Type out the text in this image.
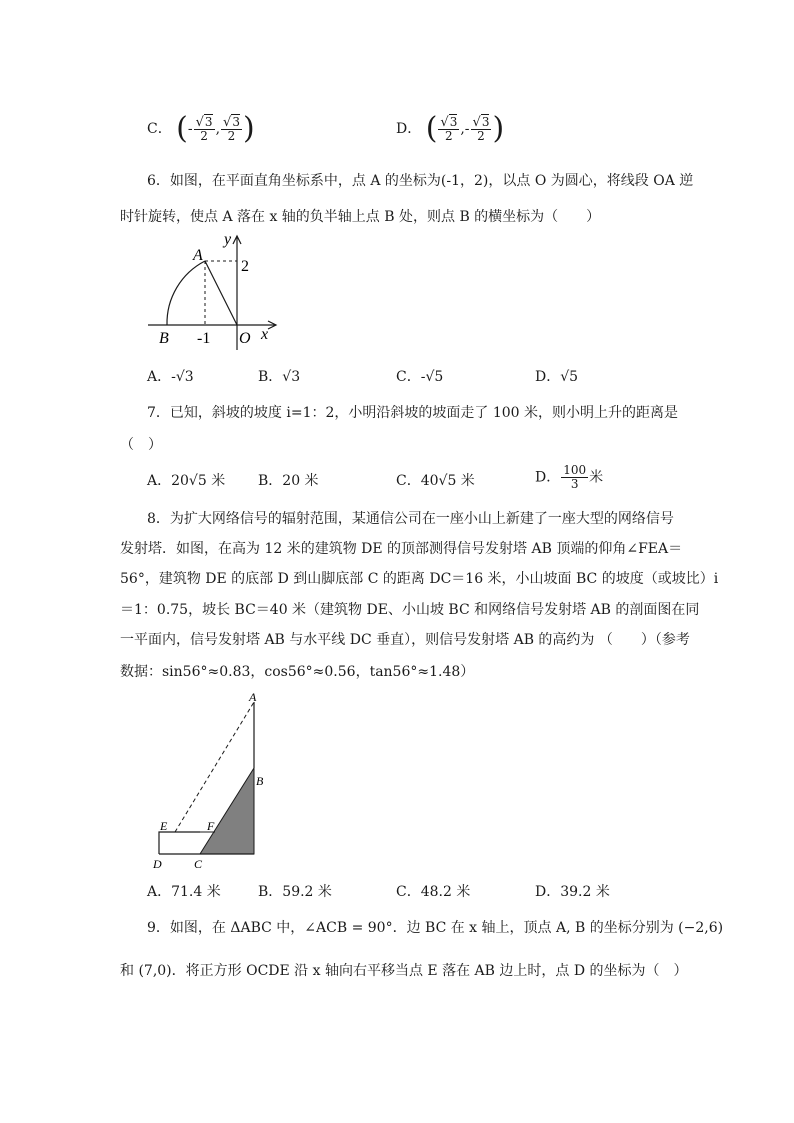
C． (- $\frac{√3}{2}$ , $\frac{√3}{2}$ )	D． ( $\frac{√3}{2}$ ,- $\frac{√3}{2}$ )
6．如图，在平面直角坐标系中，点 A 的坐标为(-1，2)，以点 O 为圆心，将线段 OA 逆
时针旋转，使点 A 落在 x 轴的负半轴上点 B 处，则点 B 的横坐标为（　　）
A
y
2
B -1 O x
A．-√3	B．√3	C．-√5	D．√5
7．已知，斜坡的坡度 i=1：2，小明沿斜坡的坡面走了 100 米，则小明上升的距离是
（　）
A．20√5 米 B．20 米	C．40√5 米	D． $\frac{100}{3}$ 米
8．为扩大网络信号的辐射范围，某通信公司在一座小山上新建了一座大型的网络信号
发射塔．如图，在高为 12 米的建筑物 DE 的顶部测得信号发射塔 AB 顶端的仰角∠FEA＝
56°，建筑物 DE 的底部 D 到山脚底部 C 的距离 DC＝16 米，小山坡面 BC 的坡度（或坡比）i
＝1：0.75，坡长 BC＝40 米（建筑物 DE、小山坡 BC 和网络信号发射塔 AB 的剖面图在同
一平面内，信号发射塔 AB 与水平线 DC 垂直），则信号发射塔 AB 的高约为 （　　）（参考
数据：sin56°≈0.83，cos56°≈0.56，tan56°≈1.48）
A
B
E	F
D	C
A．71.4 米	B．59.2 米	C．48.2 米	D．39.2 米
9．如图，在 ΔABC 中，∠ACB = 90°．边 BC 在 x 轴上，顶点 A, B 的坐标分别为 (−2,6)
和 (7,0)．将正方形 OCDE 沿 x 轴向右平移当点 E 落在 AB 边上时，点 D 的坐标为（　）
